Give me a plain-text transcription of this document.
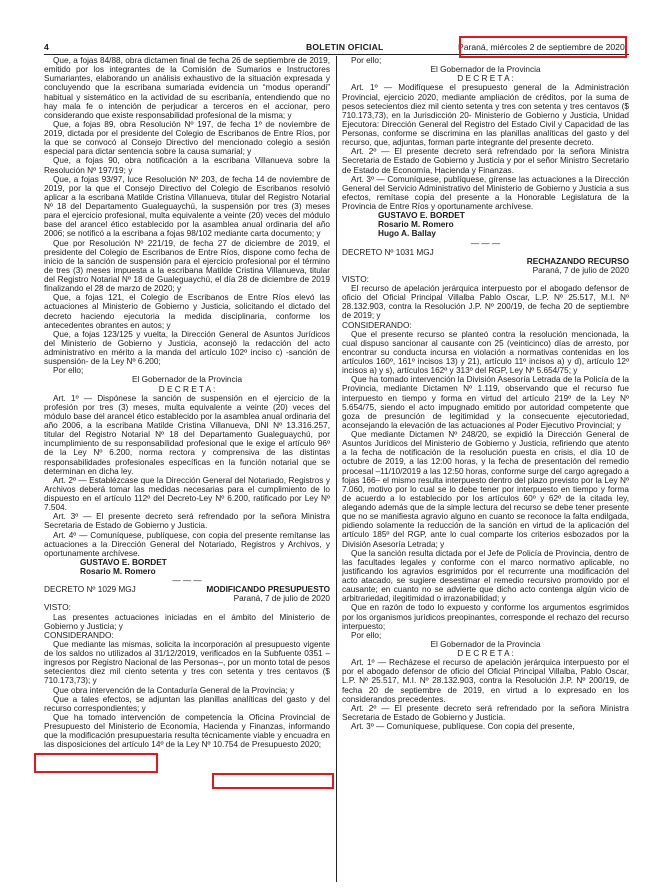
4	BOLETIN OFICIAL	Paraná, miércoles 2 de septiembre de 2020

Que, a fojas 84/88, obra dictamen final de fecha 26 de septiembre de 2019, emitido por los integrantes de la Comisión de Sumarios e Instructores Sumariantes, elaborando un análisis exhaustivo de la situación expresada y concluyendo que la escribana sumariada evidencia un “modus operandi” habitual y sistemático en la actividad de su escribanía, entendiendo que no hay mala fe o intención de perjudicar a terceros en el accionar, pero considerando que existe responsabilidad profesional de la misma; y

Que, a fojas 89, obra Resolución Nº 197, de fecha 1º de noviembre de 2019, dictada por el presidente del Colegio de Escribanos de Entre Ríos, por la que se convocó al Consejo Directivo del mencionado colegio a sesión especial para dictar sentencia sobre la causa sumarial; y

Que, a fojas 90, obra notificación a la escribana Villanueva sobre la Resolución Nº 197/19; y

Que, a fojas 93/97, luce Resolución Nº 203, de fecha 14 de noviembre de 2019, por la que el Consejo Directivo del Colegio de Escribanos resolvió aplicar a la escribana Matilde Cristina Villanueva, titular del Registro Notarial Nº 18 del Departamento Gualeguaychú, la suspensión por tres (3) meses para el ejercicio profesional, multa equivalente a veinte (20) veces del módulo base del arancel ético establecido por la asamblea anual ordinaria del año 2006; se notificó a la escribana a fojas 98/102 mediante carta documento; y

Que por Resolución Nº 221/19, de fecha 27 de diciembre de 2019, el presidente del Colegio de Escribanos de Entre Ríos, dispone como fecha de inicio de la sanción de suspensión para el ejercicio profesional por el término de tres (3) meses impuesta a la escribana Matilde Cristina Villanueva, titular del Registro Notarial Nº 18 de Gualeguaychú, el día 28 de diciembre de 2019 finalizando el 28 de marzo de 2020; y

Que, a fojas 121, el Colegio de Escribanos de Entre Ríos elevó las actuaciones al Ministerio de Gobierno y Justicia, solicitando el dictado del decreto haciendo ejecutoria la medida disciplinaria, conforme los antecedentes obrantes en autos; y

Que, a fojas 123/125 y vuelta, la Dirección General de Asuntos Jurídicos del Ministerio de Gobierno y Justicia, aconsejó la redacción del acto administrativo en mérito a la manda del artículo 102º inciso c) -sanción de suspensión- de la Ley Nº 6.200;

Por ello;

El Gobernador de la Provincia

D E C R E T A :

Art. 1º — Dispónese la sanción de suspensión en el ejercicio de la profesión por tres (3) meses, multa equivalente a veinte (20) veces del módulo base del arancel ético establecido por la asamblea anual ordinaria del año 2006, a la escribana Matilde Cristina Villanueva, DNI Nº 13.316.257, titular del Registro Notarial Nº 18 del Departamento Gualeguaychú, por incumplimiento de su responsabilidad profesional que le exige el artículo 96º de la Ley Nº 6.200, norma rectora y comprensiva de las distintas responsabilidades profesionales específicas en la función notarial que se determinan en dicha ley.

Art. 2º — Establézcase que la Dirección General del Notariado, Registros y Archivos deberá tomar las medidas necesarias para el cumplimiento de lo dispuesto en el artículo 112º del Decreto-Ley Nº 6.200, ratificado por Ley Nº 7.504.

Art. 3º — El presente decreto será refrendado por la señora Ministra Secretaria de Estado de Gobierno y Justicia.

Art. 4º — Comuníquese, publíquese, con copia del presente remítanse las actuaciones a la Dirección General del Notariado, Registros y Archivos, y oportunamente archívese.

GUSTAVO E. BORDET

Rosario M. Romero

— — —

DECRETO Nº 1029 MGJ	MODIFICANDO PRESUPUESTO

Paraná, 7 de julio de 2020

VISTO:

Las presentes actuaciones iniciadas en el ámbito del Ministerio de Gobierno y Justicia; y

CONSIDERANDO:

Que mediante las mismas, solicita la incorporación al presupuesto vigente de los saldos no utilizados al 31/12/2019, verificados en la Subfuente 0351 –ingresos por Registro Nacional de las Personas–, por un monto total de pesos setecientos diez mil ciento setenta y tres con setenta y tres centavos ($ 710.173,73); y

Que obra intervención de la Contaduría General de la Provincia; y

Que a tales efectos, se adjuntan las planillas analíticas del gasto y del recurso correspondientes; y

Que ha tomado intervención de competencia la Oficina Provincial de Presupuesto del Ministerio de Economía, Hacienda y Finanzas, informando que la modificación presupuestaria resulta técnicamente viable y encuadra en las disposiciones del artículo 14º de la Ley Nº 10.754 de Presupuesto 2020;

Por ello;

El Gobernador de la Provincia

D E C R E T A :

Art. 1º — Modifíquese el presupuesto general de la Administración Provincial, ejercicio 2020, mediante ampliación de créditos, por la suma de pesos setecientos diez mil ciento setenta y tres con setenta y tres centavos ($ 710.173,73), en la Jurisdicción 20- Ministerio de Gobierno y Justicia, Unidad Ejecutora: Dirección General del Registro del Estado Civil y Capacidad de las Personas, conforme se discrimina en las planillas analíticas del gasto y del recurso, que, adjuntas, forman parte integrante del presente decreto.

Art. 2º — El presente decreto será refrendado por la señora Ministra Secretaria de Estado de Gobierno y Justicia y por el señor Ministro Secretario de Estado de Economía, Hacienda y Finanzas.

Art. 3º — Comuníquese, publíquese, gírense las actuaciones a la Dirección General del Servicio Administrativo del Ministerio de Gobierno y Justicia a sus efectos, remítase copia del presente a la Honorable Legislatura de la Provincia de Entre Ríos y oportunamente archívese.

GUSTAVO E. BORDET

Rosario M. Romero

Hugo A. Ballay

— — —

DECRETO Nº 1031 MGJ

RECHAZANDO RECURSO

Paraná, 7 de julio de 2020

VISTO:

El recurso de apelación jerárquica interpuesto por el abogado defensor de oficio del Oficial Principal Villalba Pablo Oscar, L.P. Nº 25.517, M.I. Nº 28.132.903, contra la Resolución J.P. Nº 200/19, de fecha 20 de septiembre de 2019; y

CONSIDERANDO:

Que el presente recurso se planteó contra la resolución mencionada, la cual dispuso sancionar al causante con 25 (veinticinco) días de arresto, por encontrar su conducta incursa en violación a normativas contenidas en los artículos 160º, 161º incisos 13) y 21), artículo 11º incisos a) y d), artículo 12º incisos a) y s), artículos 162º y 313º del RGP, Ley Nº 5.654/75; y

Que ha tomado intervención la División Asesoría Letrada de la Policía de la Provincia, mediante Dictamen Nº 1.119, observando que el recurso fue interpuesto en tiempo y forma en virtud del artículo 219º de la Ley Nº 5.654/75, siendo el acto impugnado emitido por autoridad competente que goza de presunción de legitimidad y la consecuente ejecutoriedad, aconsejando la elevación de las actuaciones al Poder Ejecutivo Provincial; y

Que mediante Dictamen Nº 248/20, se expidió la Dirección General de Asuntos Jurídicos del Ministerio de Gobierno y Justicia, refiriendo que atento a la fecha de notificación de la resolución puesta en crisis, el día 10 de octubre de 2019, a las 12:00 horas, y la fecha de presentación del remedio procesal –11/10/2019 a las 12:50 horas, conforme surge del cargo agregado a fojas 166– el mismo resulta interpuesto dentro del plazo previsto por la Ley Nº 7.060, motivo por lo cual se lo debe tener por interpuesto en tiempo y forma de acuerdo a lo establecido por los artículos 60º y 62º de la citada ley, alegando además que de la simple lectura del recurso se debe tener presente que no se manifiesta agravio alguno en cuanto se reconoce la falta endilgada, pidiendo solamente la reducción de la sanción en virtud de la aplicación del artículo 185º del RGP, ante lo cual comparte los criterios esbozados por la División Asesoría Letrada; y

Que la sanción resulta dictada por el Jefe de Policía de Provincia, dentro de las facultades legales y conforme con el marco normativo aplicable, no justificando los agravios esgrimidos por el recurrente una modificación del acto atacado, se sugiere desestimar el remedio recursivo promovido por el causante; en cuanto no se advierte que dicho acto contenga algún vicio de arbitrariedad, ilegitimidad o irrazonabilidad; y

Que en razón de todo lo expuesto y conforme los argumentos esgrimidos por los organismos jurídicos preopinantes, corresponde el rechazo del recurso interpuesto;

Por ello;

El Gobernador de la Provincia

D E C R E T A :

Art. 1º — Recházese el recurso de apelación jerárquica interpuesto por el por el abogado defensor de oficio del Oficial Principal Villalba, Pablo Oscar, L.P. Nº 25.517, M.I. Nº 28.132.903, contra la Resolución J.P. Nº 200/19, de fecha 20 de septiembre de 2019, en virtud a lo expresado en los considerandos precedentes.

Art. 2º — El presente decreto será refrendado por la señora Ministra Secretaria de Estado de Gobierno y Justicia.

Art. 3º — Comuníquese, publíquese. Con copia del presente,
